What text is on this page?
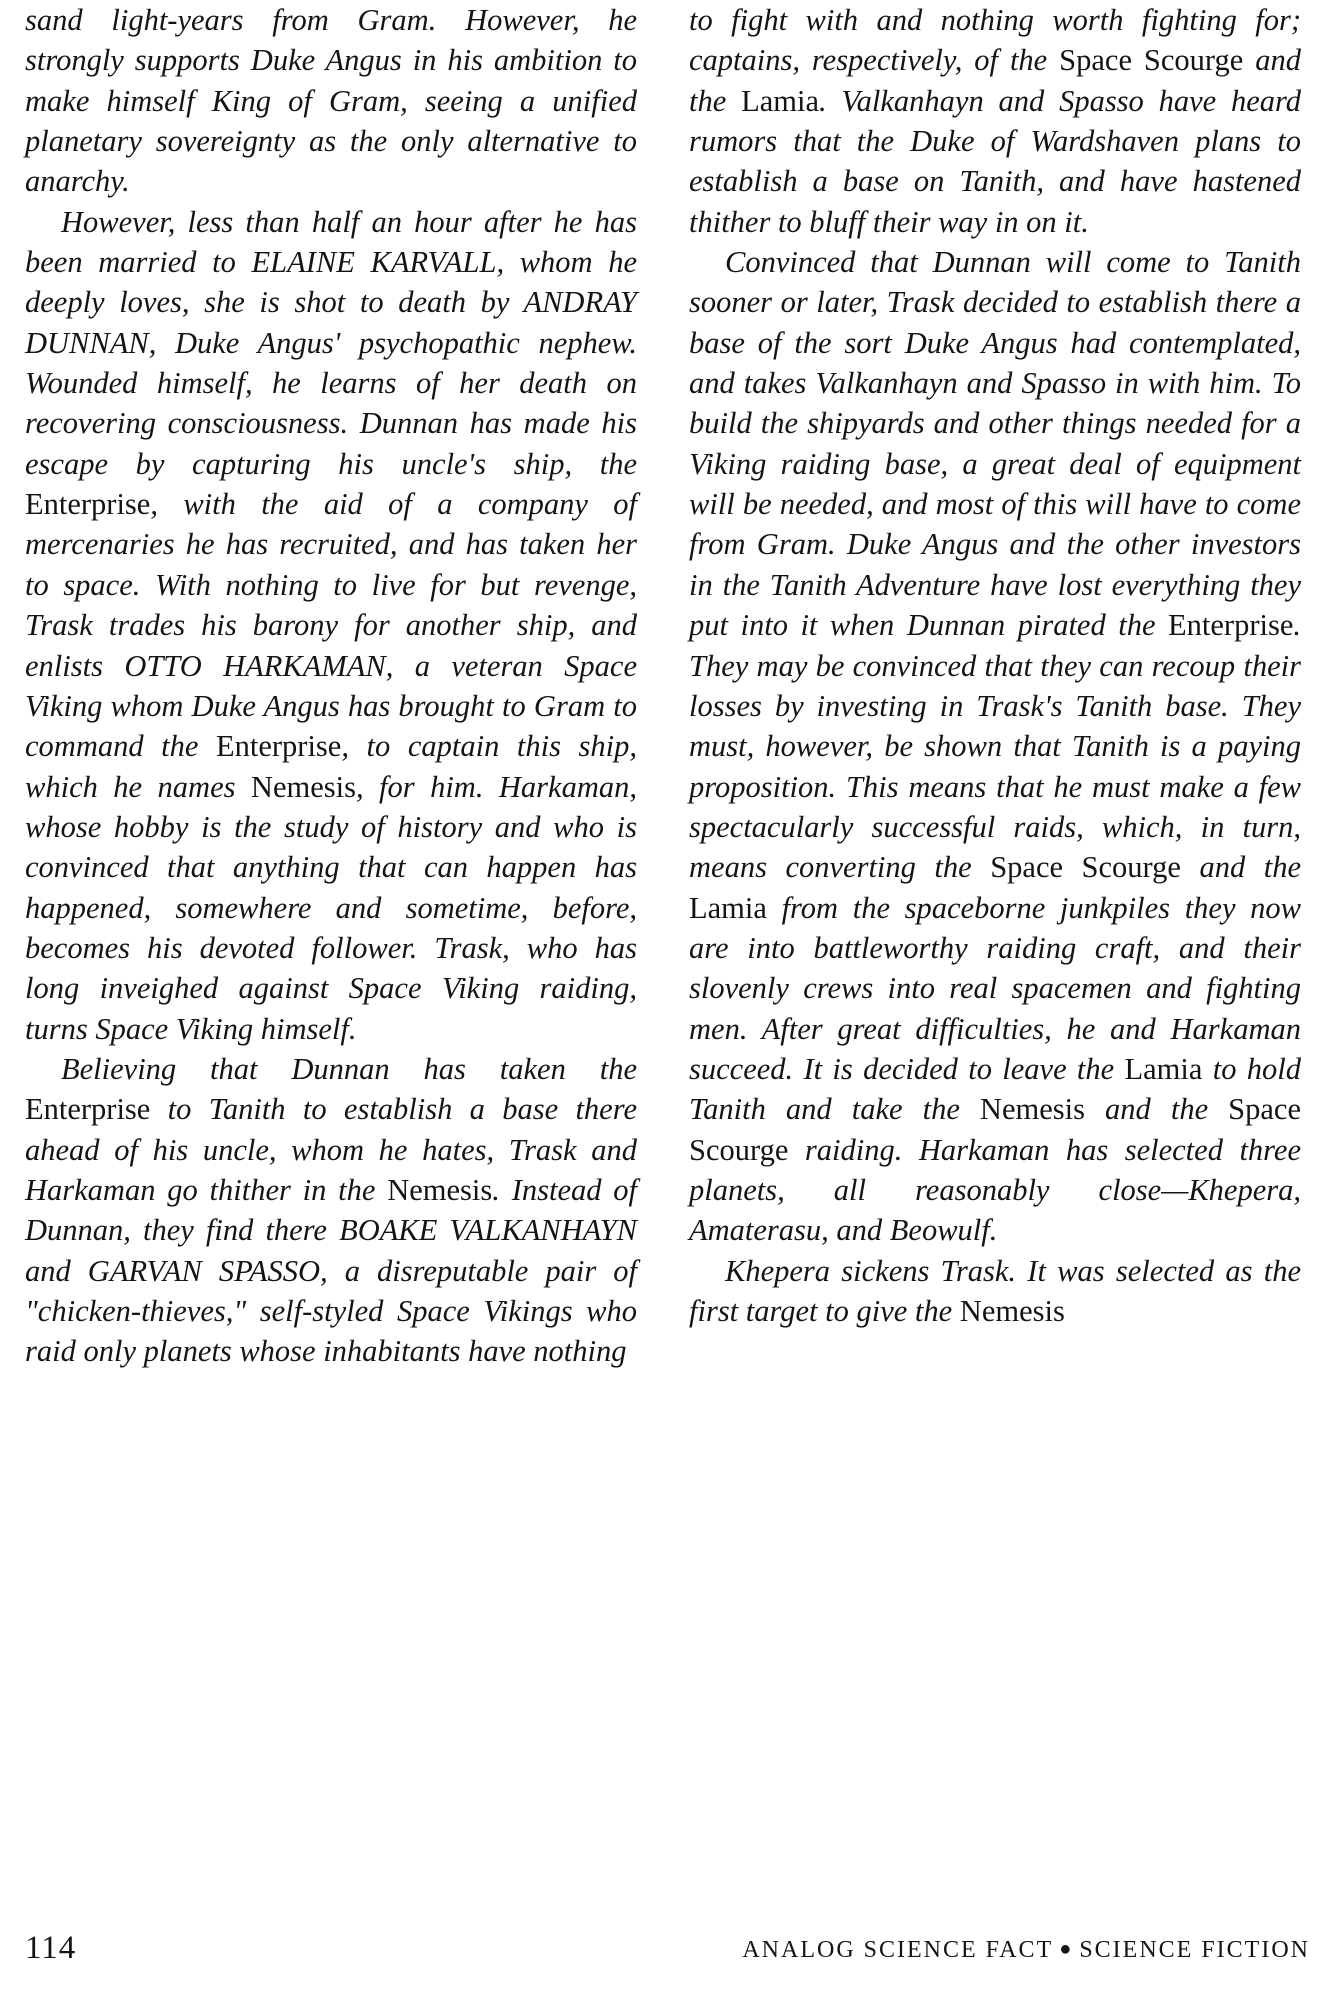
sand light-years from Gram. However, he strongly supports Duke Angus in his ambition to make himself King of Gram, seeing a unified planetary sovereignty as the only alternative to anarchy.

However, less than half an hour after he has been married to ELAINE KARVALL, whom he deeply loves, she is shot to death by ANDRAY DUNNAN, Duke Angus' psychopathic nephew. Wounded himself, he learns of her death on recovering consciousness. Dunnan has made his escape by capturing his uncle's ship, the Enterprise, with the aid of a company of mercenaries he has recruited, and has taken her to space. With nothing to live for but revenge, Trask trades his barony for another ship, and enlists OTTO HARKAMAN, a veteran Space Viking whom Duke Angus has brought to Gram to command the Enterprise, to captain this ship, which he names Nemesis, for him. Harkaman, whose hobby is the study of history and who is convinced that anything that can happen has happened, somewhere and sometime, before, becomes his devoted follower. Trask, who has long inveighed against Space Viking raiding, turns Space Viking himself.

Believing that Dunnan has taken the Enterprise to Tanith to establish a base there ahead of his uncle, whom he hates, Trask and Harkaman go thither in the Nemesis. Instead of Dunnan, they find there BOAKE VALKANHAYN and GARVAN SPASSO, a disreputable pair of "chicken-thieves," self-styled Space Vikings who raid only planets whose inhabitants have nothing

to fight with and nothing worth fighting for; captains, respectively, of the Space Scourge and the Lamia. Valkanhayn and Spasso have heard rumors that the Duke of Wardshaven plans to establish a base on Tanith, and have hastened thither to bluff their way in on it.

Convinced that Dunnan will come to Tanith sooner or later, Trask decided to establish there a base of the sort Duke Angus had contemplated, and takes Valkanhayn and Spasso in with him. To build the shipyards and other things needed for a Viking raiding base, a great deal of equipment will be needed, and most of this will have to come from Gram. Duke Angus and the other investors in the Tanith Adventure have lost everything they put into it when Dunnan pirated the Enterprise. They may be convinced that they can recoup their losses by investing in Trask's Tanith base. They must, however, be shown that Tanith is a paying proposition. This means that he must make a few spectacularly successful raids, which, in turn, means converting the Space Scourge and the Lamia from the spaceborne junkpiles they now are into battleworthy raiding craft, and their slovenly crews into real spacemen and fighting men. After great difficulties, he and Harkaman succeed. It is decided to leave the Lamia to hold Tanith and take the Nemesis and the Space Scourge raiding. Harkaman has selected three planets, all reasonably close—Khepera, Amaterasu, and Beowulf.

Khepera sickens Trask. It was selected as the first target to give the Nemesis

114	ANALOG SCIENCE FACT ● SCIENCE FICTION
